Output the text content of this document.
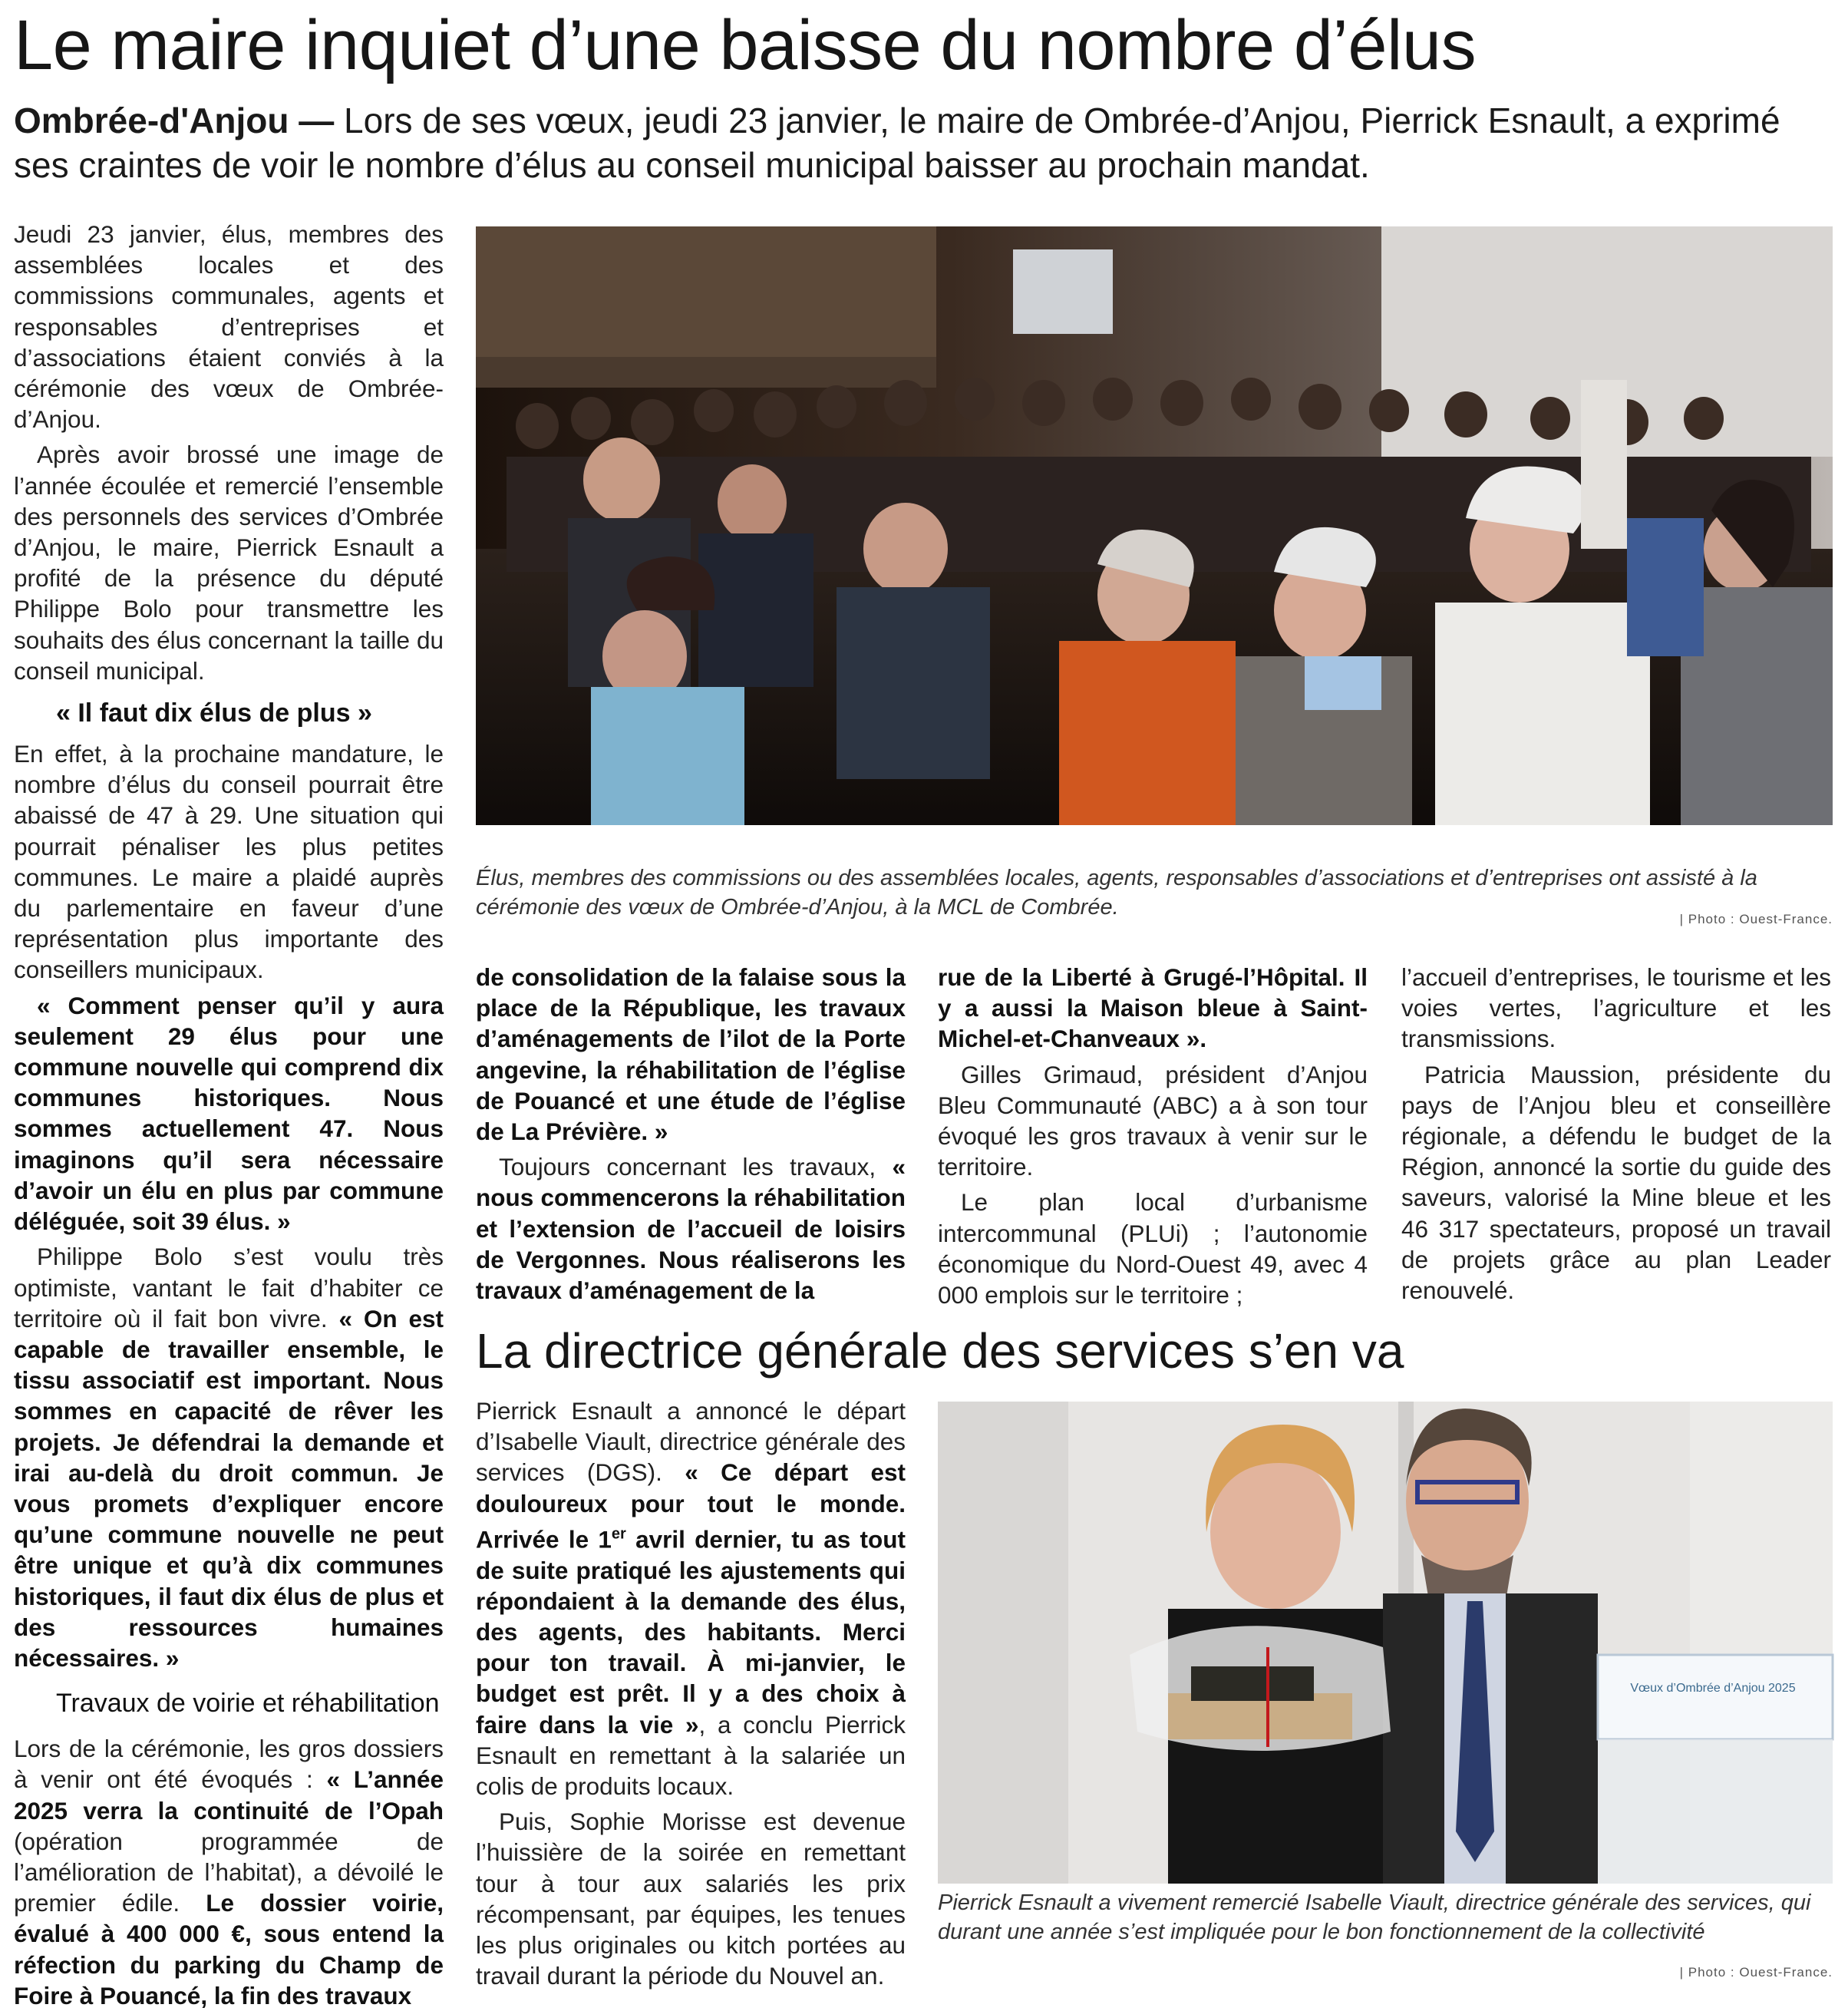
Le maire inquiet d’une baisse du nombre d’élus
Ombrée-d'Anjou — Lors de ses vœux, jeudi 23 janvier, le maire de Ombrée-d’Anjou, Pierrick Esnault, a exprimé ses craintes de voir le nombre d’élus au conseil municipal baisser au prochain mandat.

Jeudi 23 janvier, élus, membres des assemblées locales et des commissions communales, agents et responsables d’entreprises et d’associations étaient conviés à la cérémonie des vœux de Ombrée-d’Anjou.

Après avoir brossé une image de l’année écoulée et remercié l’ensemble des personnels des services d’Ombrée d’Anjou, le maire, Pierrick Esnault a profité de la présence du député Philippe Bolo pour transmettre les souhaits des élus concernant la taille du conseil municipal.

« Il faut dix élus de plus »

En effet, à la prochaine mandature, le nombre d’élus du conseil pourrait être abaissé de 47 à 29. Une situation qui pourrait pénaliser les plus petites communes. Le maire a plaidé auprès du parlementaire en faveur d’une représentation plus importante des conseillers municipaux.

« Comment penser qu’il y aura seulement 29 élus pour une commune nouvelle qui comprend dix communes historiques. Nous sommes actuellement 47. Nous imaginons qu’il sera nécessaire d’avoir un élu en plus par commune déléguée, soit 39 élus. »

Philippe Bolo s’est voulu très optimiste, vantant le fait d’habiter ce territoire où il fait bon vivre. « On est capable de travailler ensemble, le tissu associatif est important. Nous sommes en capacité de rêver les projets. Je défendrai la demande et irai au-delà du droit commun. Je vous promets d’expliquer encore qu’une commune nouvelle ne peut être unique et qu’à dix communes historiques, il faut dix élus de plus et des ressources humaines nécessaires. »

Travaux de voirie et réhabilitation

Lors de la cérémonie, les gros dossiers à venir ont été évoqués : « L’année 2025 verra la continuité de l’Opah (opération programmée de l’amélioration de l’habitat), a dévoilé le premier édile. Le dossier voirie, évalué à 400 000 €, sous entend la réfection du parking du Champ de Foire à Pouancé, la fin des travaux

Élus, membres des commissions ou des assemblées locales, agents, responsables d’associations et d’entreprises ont assisté à la cérémonie des vœux de Ombrée-d’Anjou, à la MCL de Combrée.	| Photo : Ouest-France.

de consolidation de la falaise sous la place de la République, les travaux d’aménagements de l’ilot de la Porte angevine, la réhabilitation de l’église de Pouancé et une étude de l’église de La Prévière. »

Toujours concernant les travaux, « nous commencerons la réhabilitation et l’extension de l’accueil de loisirs de Vergonnes. Nous réaliserons les travaux d’aménagement de la

rue de la Liberté à Grugé-l’Hôpital. Il y a aussi la Maison bleue à Saint-Michel-et-Chanveaux ».

Gilles Grimaud, président d’Anjou Bleu Communauté (ABC) a à son tour évoqué les gros travaux à venir sur le territoire.

Le plan local d’urbanisme intercommunal (PLUi) ; l’autonomie économique du Nord-Ouest 49, avec 4 000 emplois sur le territoire ;

l’accueil d’entreprises, le tourisme et les voies vertes, l’agriculture et les transmissions.

Patricia Maussion, présidente du pays de l’Anjou bleu et conseillère régionale, a défendu le budget de la Région, annoncé la sortie du guide des saveurs, valorisé la Mine bleue et les 46 317 spectateurs, proposé un travail de projets grâce au plan Leader renouvelé.

La directrice générale des services s’en va

Pierrick Esnault a annoncé le départ d’Isabelle Viault, directrice générale des services (DGS). « Ce départ est douloureux pour tout le monde. Arrivée le 1er avril dernier, tu as tout de suite pratiqué les ajustements qui répondaient à la demande des élus, des agents, des habitants. Merci pour ton travail. À mi-janvier, le budget est prêt. Il y a des choix à faire dans la vie », a conclu Pierrick Esnault en remettant à la salariée un colis de produits locaux.

Puis, Sophie Morisse est devenue l’huissière de la soirée en remettant tour à tour aux salariés les prix récompensant, par équipes, les tenues les plus originales ou kitch portées au travail durant la période du Nouvel an.

Vœux d’Ombrée d’Anjou 2025
Pierrick Esnault a vivement remercié Isabelle Viault, directrice générale des services, qui durant une année s’est impliquée pour le bon fonctionnement de la collectivité
| Photo : Ouest-France.
